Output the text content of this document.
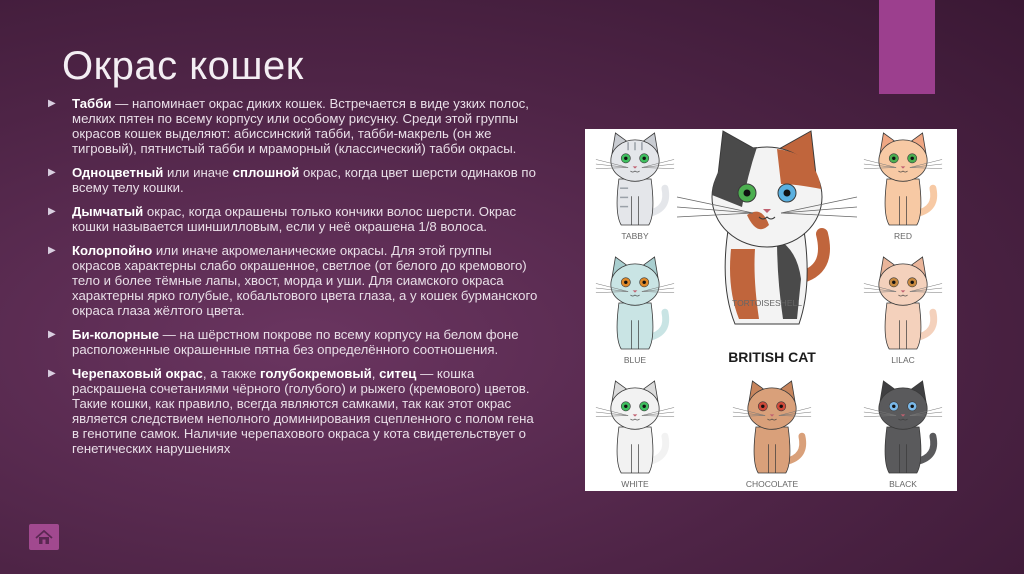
Окрас кошек
▶ Табби — напоминает окрас диких кошек. Встречается в виде узких полос, мелких пятен по всему корпусу или особому рисунку. Среди этой группы окрасов кошек выделяют: абиссинский табби, табби-макрель (он же тигровый), пятнистый табби и мраморный (классический) табби окрасы.
▶ Одноцветный или иначе сплошной окрас, когда цвет шерсти одинаков по всему телу кошки.
▶ Дымчатый окрас, когда окрашены только кончики волос шерсти. Окрас кошки называется шиншилловым, если у неё окрашена 1/8 волоса.
▶ Колорпойно или иначе акромеланические окрасы. Для этой группы окрасов характерны слабо окрашенное, светлое (от белого до кремового) тело и более тёмные лапы, хвост, морда и уши. Для сиамского окраса характерны ярко голубые, кобальтового цвета глаза, а у кошек бурманского окраса глаза жёлтого цвета.
▶ Би-колорные — на шёрстном покрове по всему корпусу на белом фоне расположенные окрашенные пятна без определённого соотношения.
▶ Черепаховый окрас, а также голубокремовый, ситец — кошка раскрашена сочетаниями чёрного (голубого) и рыжего (кремового) цветов. Такие кошки, как правило, всегда являются самками, так как этот окрас является следствием неполного доминирования сцепленного с полом гена в генотипе самок. Наличие черепахового окраса у кота свидетельствует о генетических нарушениях
BRITISH CAT
TABBY	RED
BLUE	LILAC
WHITE	CHOCOLATE	BLACK
TORTOISESHELL
